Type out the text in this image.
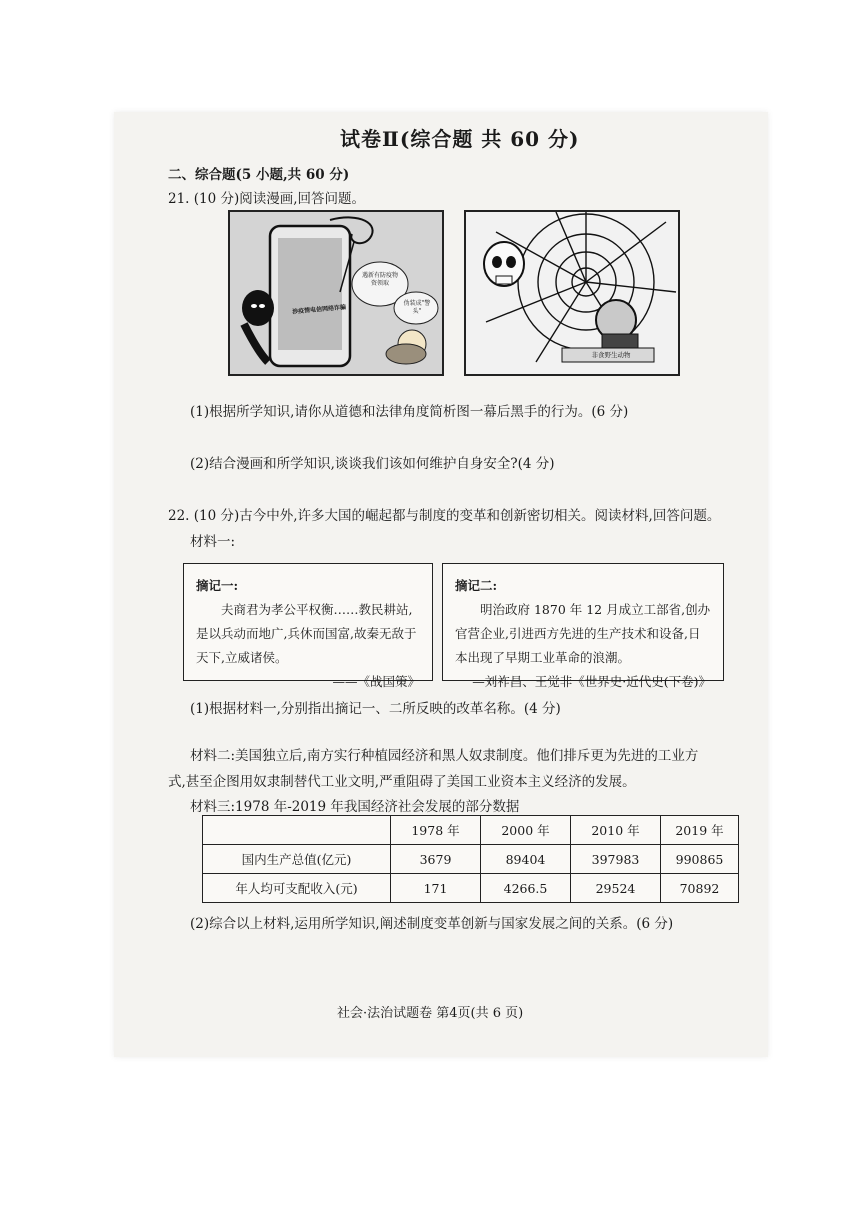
试卷Ⅱ(综合题 共 60 分)
二、综合题(5 小题,共 60 分)
21. (10 分)阅读漫画,回答问题。
涉疫情电信网络诈骗
遇新有防疫物资领取
伪装成"警头"
非食野生动物
(1)根据所学知识,请你从道德和法律角度简析图一幕后黑手的行为。(6 分)
(2)结合漫画和所学知识,谈谈我们该如何维护自身安全?(4 分)
22. (10 分)古今中外,许多大国的崛起都与制度的变革和创新密切相关。阅读材料,回答问题。
材料一:
摘记一:
夫商君为孝公平权衡……教民耕站,是以兵动而地广,兵休而国富,故秦无敌于天下,立威诸侯。
——《战国策》
摘记二:
明治政府 1870 年 12 月成立工部省,创办官营企业,引进西方先进的生产技术和设备,日本出现了早期工业革命的浪潮。
—刘祚昌、王觉非《世界史·近代史(下卷)》
(1)根据材料一,分别指出摘记一、二所反映的改革名称。(4 分)
材料二:美国独立后,南方实行种植园经济和黑人奴隶制度。他们排斥更为先进的工业方
式,甚至企图用奴隶制替代工业文明,严重阻碍了美国工业资本主义经济的发展。
材料三:1978 年-2019 年我国经济社会发展的部分数据
	1978 年	2000 年	2010 年	2019 年
国内生产总值(亿元)	3679	89404	397983	990865
年人均可支配收入(元)	171	4266.5	29524	70892
(2)综合以上材料,运用所学知识,阐述制度变革创新与国家发展之间的关系。(6 分)
社会·法治试题卷 第4页(共 6 页)
